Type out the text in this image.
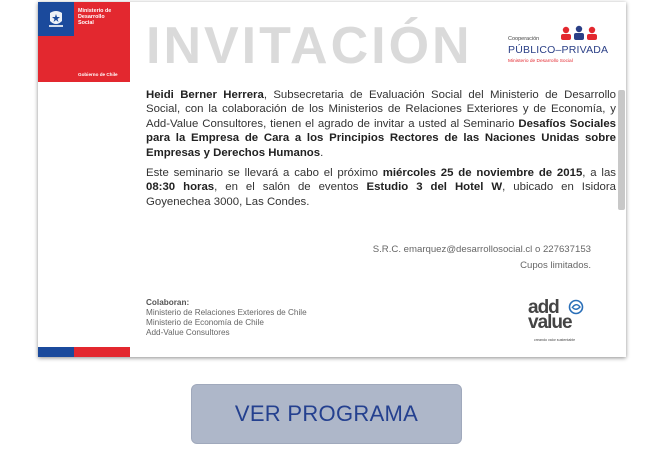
Ministerio de
Desarrollo
Social
Gobierno de Chile INVITACIÓN	Cooperación
PÚBLICO–PRIVADA
Ministerio de Desarrollo Social

Heidi Berner Herrera, Subsecretaria de Evaluación Social del Ministerio de Desarrollo Social, con la colaboración de los Ministerios de Relaciones Exteriores y de Economía, y Add-Value Consultores, tienen el agrado de invitar a usted al Seminario Desafíos Sociales para la Empresa de Cara a los Principios Rectores de las Naciones Unidas sobre Empresas y Derechos Humanos.

Este seminario se llevará a cabo el próximo miércoles 25 de noviembre de 2015, a las 08:30 horas, en el salón de eventos Estudio 3 del Hotel W, ubicado en Isidora Goyenechea 3000, Las Condes.

S.R.C. emarquez@desarrollosocial.cl o 227637153
Cupos limitados.
Colaboran:
Ministerio de Relaciones Exteriores de Chile
Ministerio de Economía de Chile
Add-Value Consultores
add
value
creando valor sustentable
VER PROGRAMA
